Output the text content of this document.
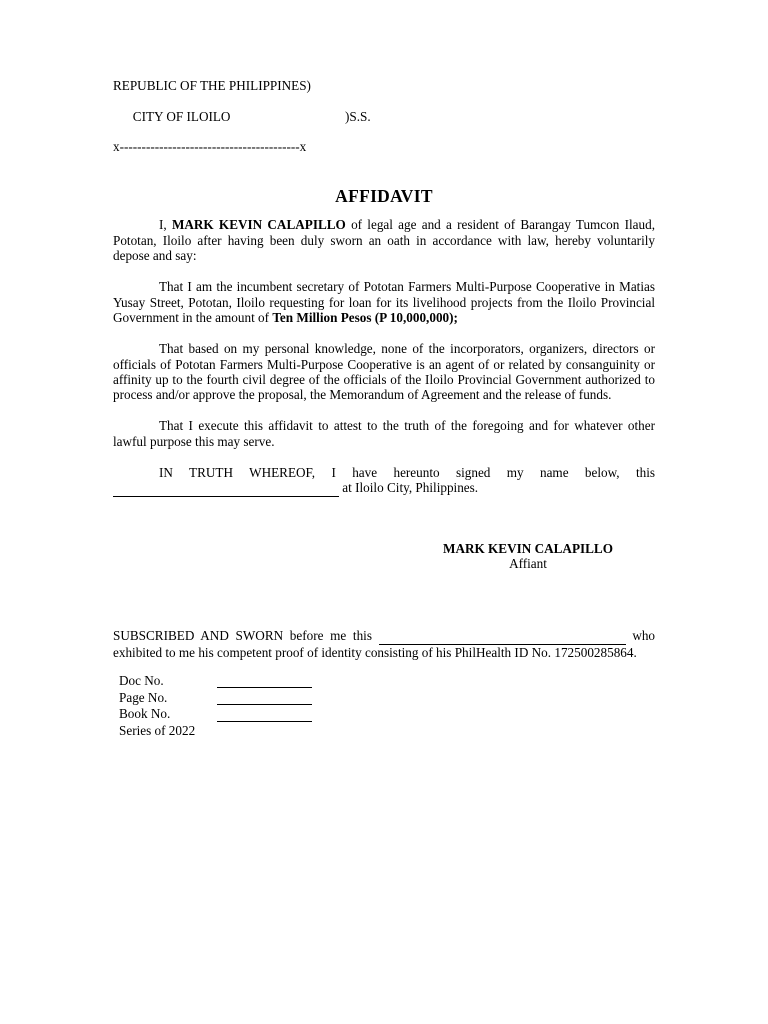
REPUBLIC OF THE PHILIPPINES)

CITY OF ILOILO	)S.S.

x-----------------------------------------x
AFFIDAVIT

I, MARK KEVIN CALAPILLO of legal age and a resident of Barangay Tumcon Ilaud, Pototan, Iloilo after having been duly sworn an oath in accordance with law, hereby voluntarily depose and say:

That I am the incumbent secretary of Pototan Farmers Multi-Purpose Cooperative in Matias Yusay Street, Pototan, Iloilo requesting for loan for its livelihood projects from the Iloilo Provincial Government in the amount of Ten Million Pesos (P 10,000,000);

That based on my personal knowledge, none of the incorporators, organizers, directors or officials of Pototan Farmers Multi-Purpose Cooperative is an agent of or related by consanguinity or affinity up to the fourth civil degree of the officials of the Iloilo Provincial Government authorized to process and/or approve the proposal, the Memorandum of Agreement and the release of funds.

That I execute this affidavit to attest to the truth of the foregoing and for whatever other lawful purpose this may serve.

IN TRUTH WHEREOF, I have hereunto signed my name below, this   at Iloilo City, Philippines.

MARK KEVIN CALAPILLO
Affiant

SUBSCRIBED AND SWORN before me this	who exhibited to me his competent proof of identity consisting of his PhilHealth ID No. 172500285864.

Doc No.
Page No.
Book No.
Series of 2022
